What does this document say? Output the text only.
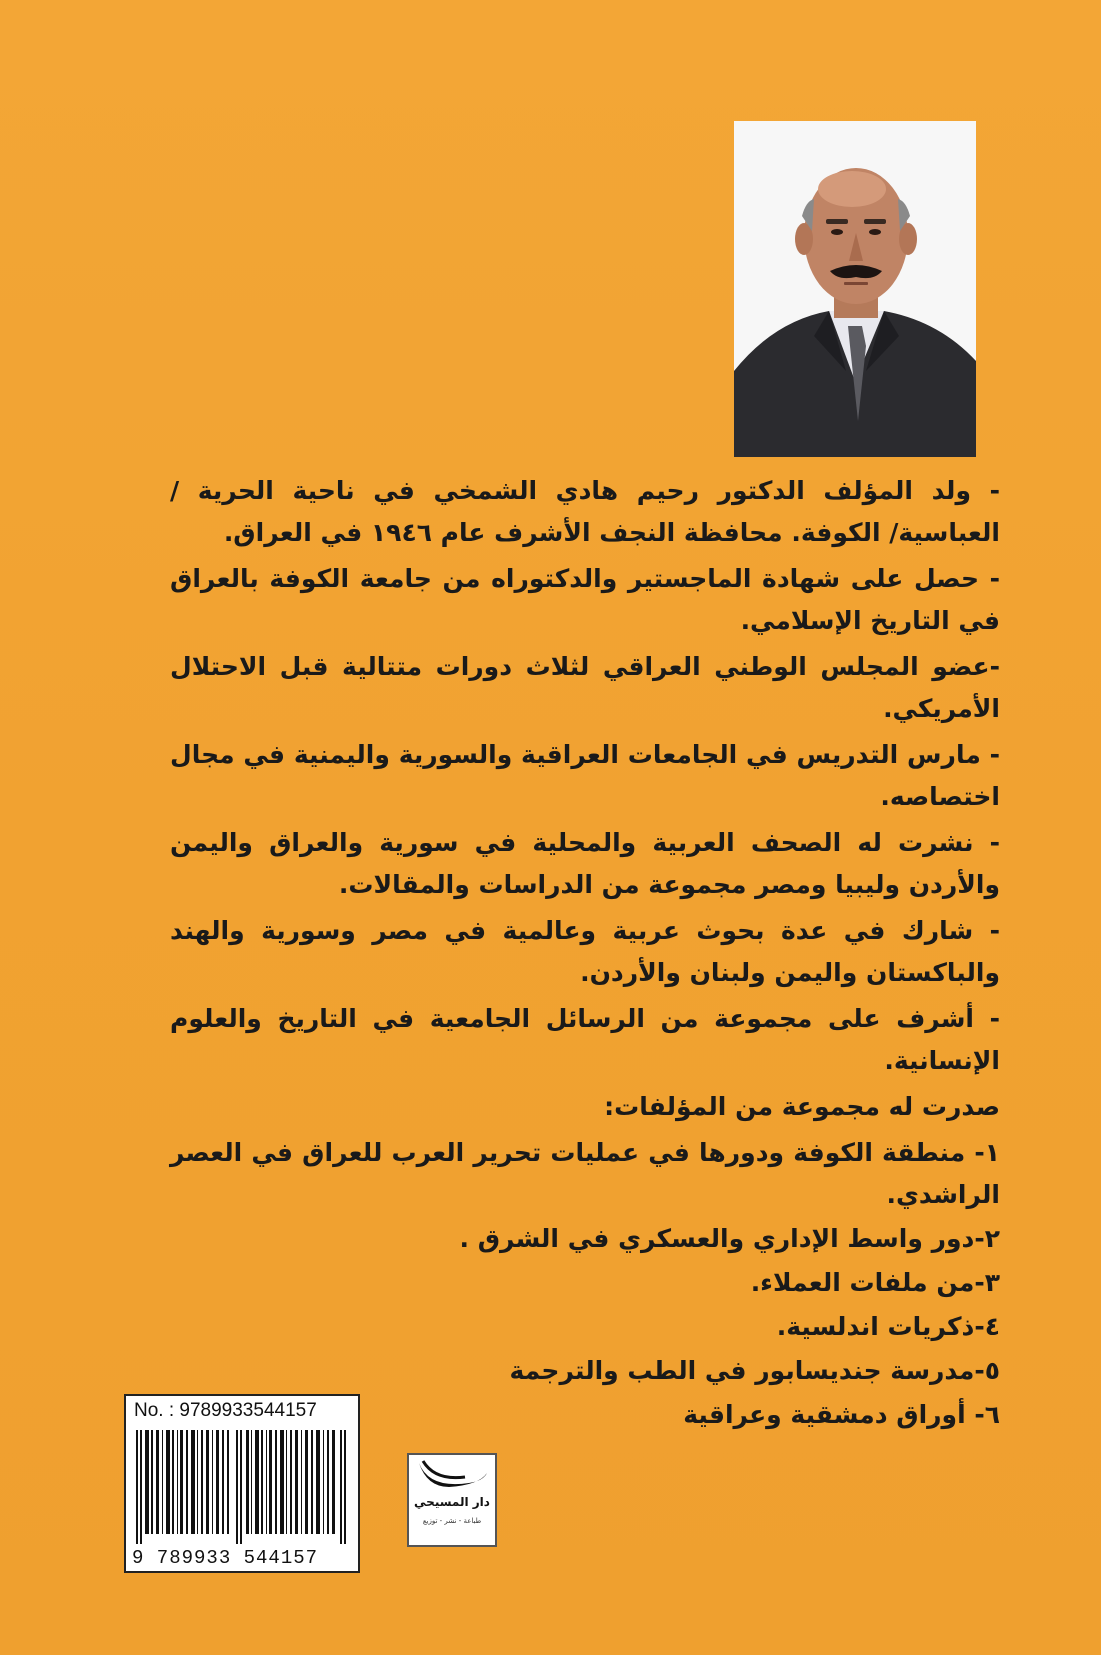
- ولد المؤلف الدكتور رحيم هادي الشمخي في ناحية الحرية / العباسية/ الكوفة. محافظة النجف الأشرف عام ١٩٤٦ في العراق.

- حصل على شهادة الماجستير والدكتوراه من جامعة الكوفة بالعراق في التاريخ الإسلامي.

-عضو المجلس الوطني العراقي لثلاث دورات متتالية قبل الاحتلال الأمريكي.

- مارس التدريس في الجامعات العراقية والسورية واليمنية في مجال اختصاصه.

- نشرت له الصحف العربية والمحلية في سورية والعراق واليمن والأردن وليبيا ومصر مجموعة من الدراسات والمقالات.

- شارك في عدة بحوث عربية وعالمية في مصر وسورية والهند والباكستان واليمن ولبنان والأردن.

- أشرف على مجموعة من الرسائل الجامعية في التاريخ والعلوم الإنسانية.

صدرت له مجموعة من المؤلفات:

١- منطقة الكوفة ودورها في عمليات تحرير العرب للعراق في العصر الراشدي.

٢-دور واسط الإداري والعسكري في الشرق .

٣-من ملفات العملاء.

٤-ذكريات اندلسية.

٥-مدرسة جنديسابور في الطب والترجمة

٦- أوراق دمشقية وعراقية

No. : 9789933544157
9 789933 544157
دار المسيحي
طباعة - نشر - توزيع
